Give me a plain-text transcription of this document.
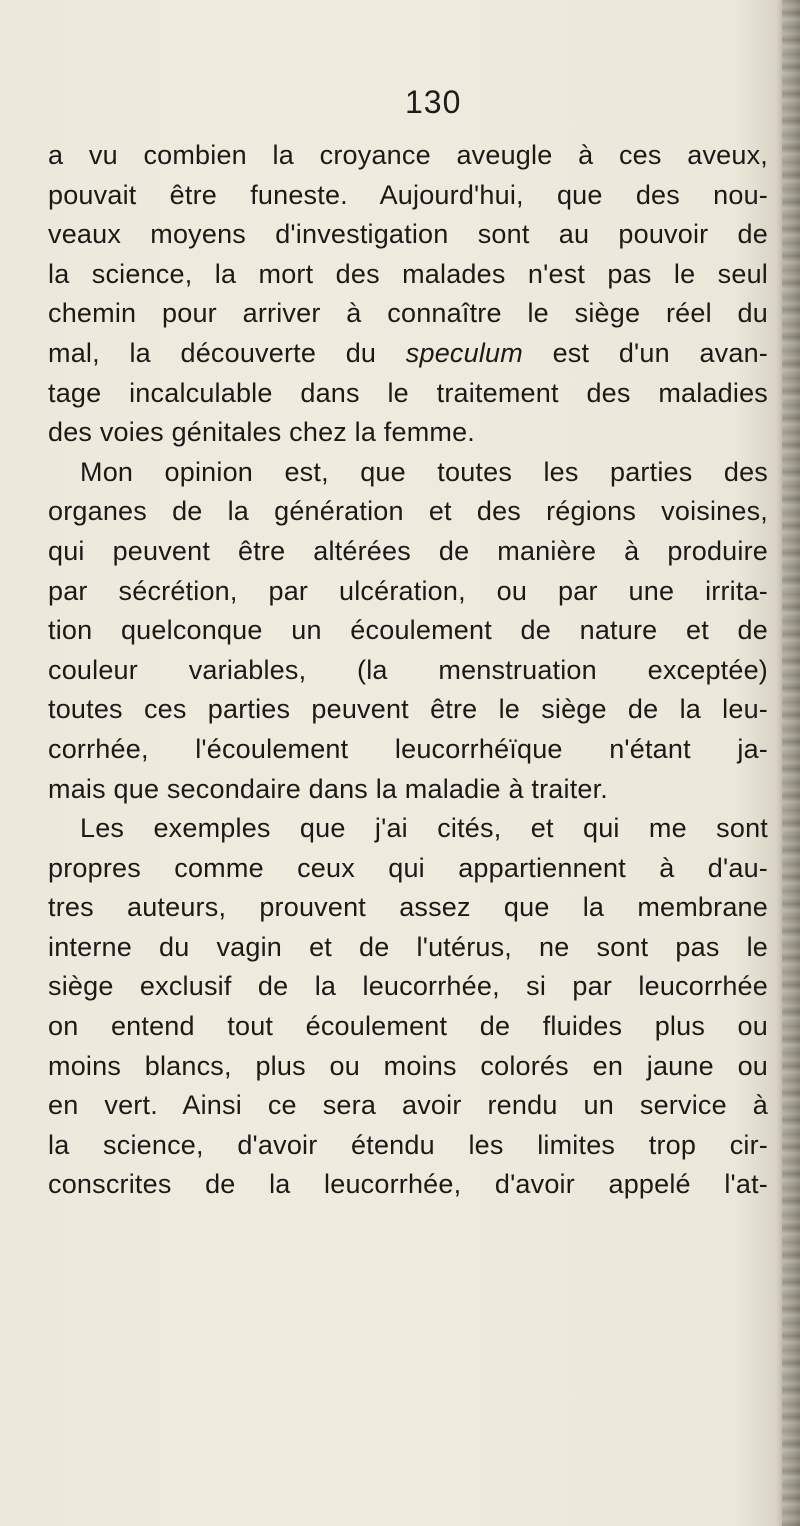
130
a vu combien la croyance aveugle à ces aveux,
pouvait être funeste. Aujourd'hui, que des nou-
veaux moyens d'investigation sont au pouvoir de
la science, la mort des malades n'est pas le seul
chemin pour arriver à connaître le siège réel du
mal, la découverte du speculum est d'un avan-
tage incalculable dans le traitement des maladies
des voies génitales chez la femme.
Mon opinion est, que toutes les parties des
organes de la génération et des régions voisines,
qui peuvent être altérées de manière à produire
par sécrétion, par ulcération, ou par une irrita-
tion quelconque un écoulement de nature et de
couleur variables, (la menstruation exceptée)
toutes ces parties peuvent être le siège de la leu-
corrhée, l'écoulement leucorrhéïque n'étant ja-
mais que secondaire dans la maladie à traiter.
Les exemples que j'ai cités, et qui me sont
propres comme ceux qui appartiennent à d'au-
tres auteurs, prouvent assez que la membrane
interne du vagin et de l'utérus, ne sont pas le
siège exclusif de la leucorrhée, si par leucorrhée
on entend tout écoulement de fluides plus ou
moins blancs, plus ou moins colorés en jaune ou
en vert. Ainsi ce sera avoir rendu un service à
la science, d'avoir étendu les limites trop cir-
conscrites de la leucorrhée, d'avoir appelé l'at-
